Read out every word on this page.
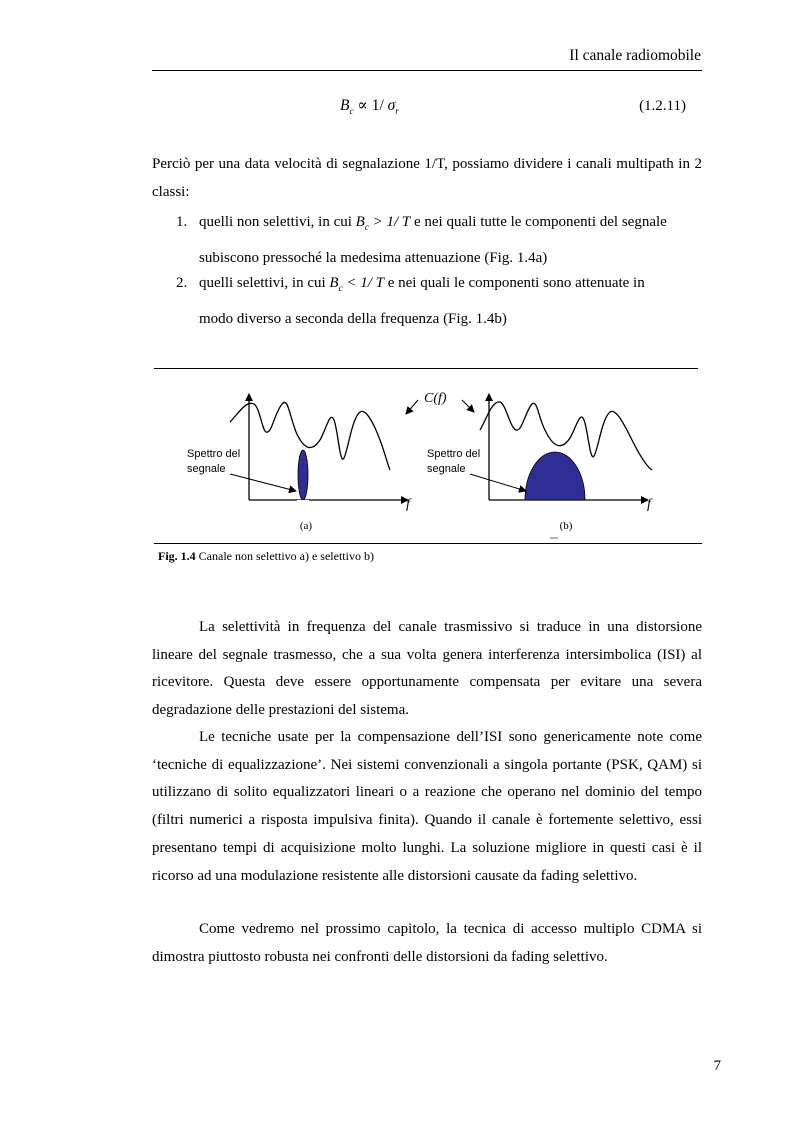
Il canale radiomobile
$B_c \propto 1/$ $\sigma_r$	(1.2.11)
Perciò per una data velocità di segnalazione 1/T, possiamo dividere i canali multipath in 2 classi:
1. quelli non selettivi, in cui $B_c > 1/$ T e nei quali tutte le componenti del segnale
subiscono pressoché la medesima attenuazione (Fig. 1.4a)
2. quelli selettivi, in cui $B_c < 1/$ T e nei quali le componenti sono attenuate in
modo diverso a seconda della frequenza (Fig. 1.4b)
Spettro del
segnale
f
(a)
C(f)
Spettro del
segnale
f
(b)
Fig. 1.4 Canale non selettivo a) e selettivo b)
La selettività in frequenza del canale trasmissivo si traduce in una distorsione lineare del segnale trasmesso, che a sua volta genera interferenza intersimbolica (ISI) al ricevitore. Questa deve essere opportunamente compensata per evitare una severa degradazione delle prestazioni del sistema.
Le tecniche usate per la compensazione dell’ISI sono genericamente note come ‘tecniche di equalizzazione’. Nei sistemi convenzionali a singola portante (PSK, QAM) si utilizzano di solito equalizzatori lineari o a reazione che operano nel dominio del tempo (filtri numerici a risposta impulsiva finita). Quando il canale è fortemente selettivo, essi presentano tempi di acquisizione molto lunghi. La soluzione migliore in questi casi è il ricorso ad una modulazione resistente alle distorsioni causate da fading selettivo.
Come vedremo nel prossimo capitolo, la tecnica di accesso multiplo CDMA si dimostra piuttosto robusta nei confronti delle distorsioni da fading selettivo.
7
